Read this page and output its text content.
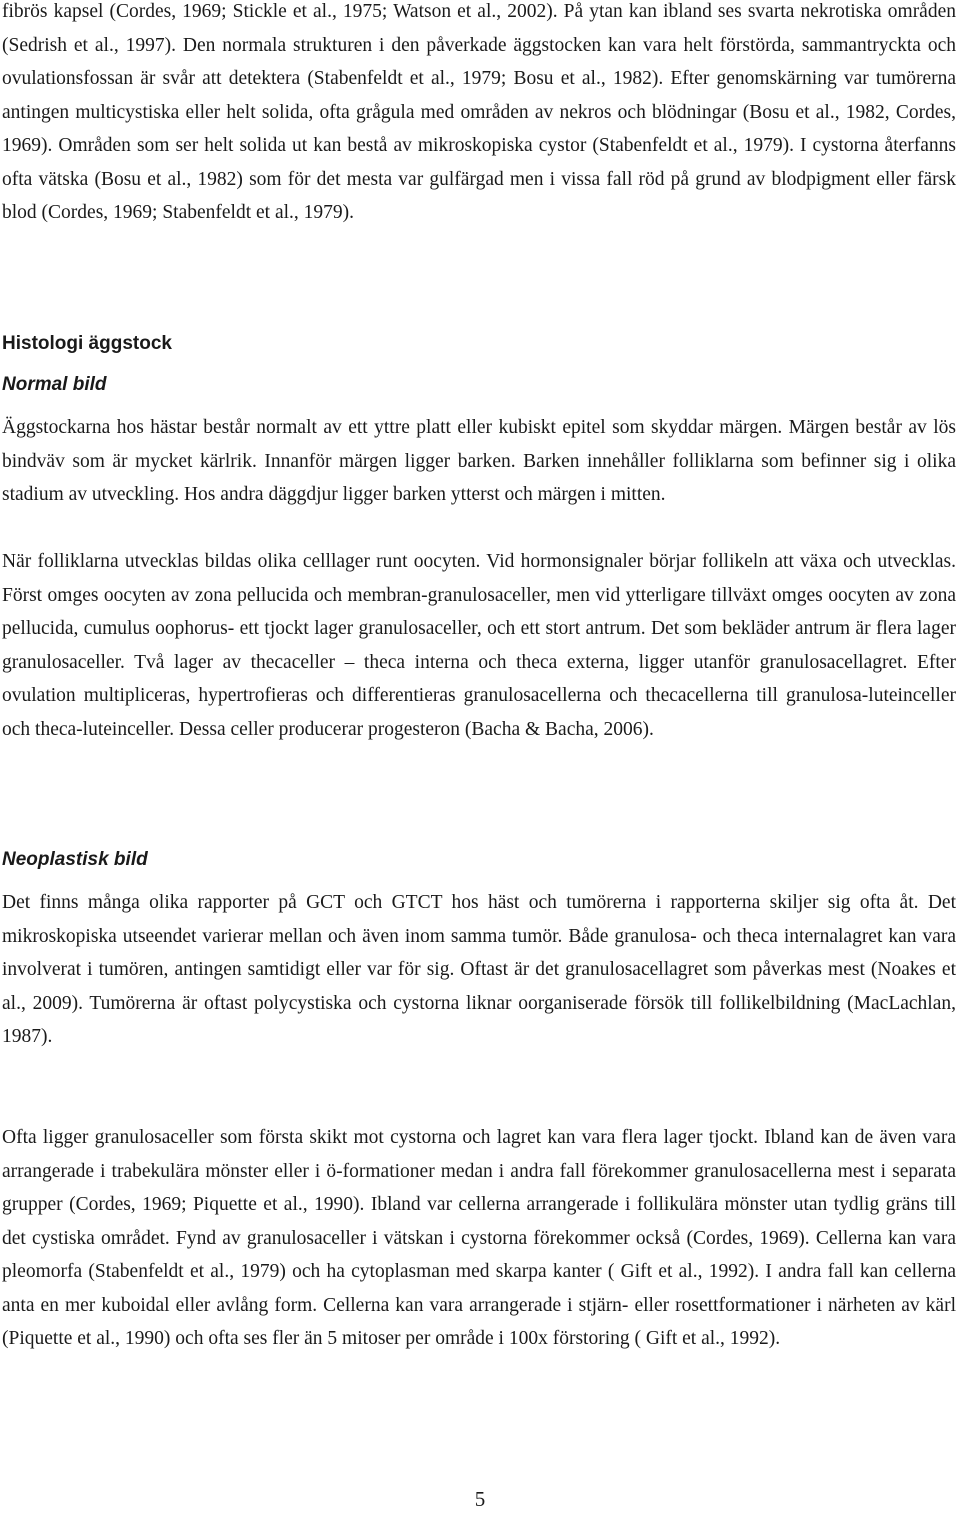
fibrös kapsel (Cordes, 1969; Stickle et al., 1975; Watson et al., 2002). På ytan kan ibland ses svarta nekrotiska områden (Sedrish et al., 1997). Den normala strukturen i den påverkade äggstocken kan vara helt förstörda, sammantryckta och ovulationsfossan är svår att detektera (Stabenfeldt et al., 1979; Bosu et al., 1982). Efter genomskärning var tumörerna antingen multicystiska eller helt solida, ofta grågula med områden av nekros och blödningar (Bosu et al., 1982, Cordes, 1969). Områden som ser helt solida ut kan bestå av mikroskopiska cystor (Stabenfeldt et al., 1979). I cystorna återfanns ofta vätska (Bosu et al., 1982) som för det mesta var gulfärgad men i vissa fall röd på grund av blodpigment eller färsk blod (Cordes, 1969; Stabenfeldt et al., 1979).

Histologi äggstock
Normal bild

Äggstockarna hos hästar består normalt av ett yttre platt eller kubiskt epitel som skyddar märgen. Märgen består av lös bindväv som är mycket kärlrik. Innanför märgen ligger barken. Barken innehåller folliklarna som befinner sig i olika stadium av utveckling. Hos andra däggdjur ligger barken ytterst och märgen i mitten.

När folliklarna utvecklas bildas olika celllager runt oocyten. Vid hormonsignaler börjar follikeln att växa och utvecklas. Först omges oocyten av zona pellucida och membran-granulosaceller, men vid ytterligare tillväxt omges oocyten av zona pellucida, cumulus oophorus- ett tjockt lager granulosaceller, och ett stort antrum. Det som bekläder antrum är flera lager granulosaceller. Två lager av thecaceller – theca interna och theca externa, ligger utanför granulosacellagret. Efter ovulation multipliceras, hypertrofieras och differentieras granulosacellerna och thecacellerna till granulosa-luteinceller och theca-luteinceller. Dessa celler producerar progesteron (Bacha & Bacha, 2006).

Neoplastisk bild

Det finns många olika rapporter på GCT och GTCT hos häst och tumörerna i rapporterna skiljer sig ofta åt. Det mikroskopiska utseendet varierar mellan och även inom samma tumör. Både granulosa- och theca internalagret kan vara involverat i tumören, antingen samtidigt eller var för sig. Oftast är det granulosacellagret som påverkas mest (Noakes et al., 2009). Tumörerna är oftast polycystiska och cystorna liknar oorganiserade försök till follikelbildning (MacLachlan, 1987).

Ofta ligger granulosaceller som första skikt mot cystorna och lagret kan vara flera lager tjockt. Ibland kan de även vara arrangerade i trabekulära mönster eller i ö-formationer medan i andra fall förekommer granulosacellerna mest i separata grupper (Cordes, 1969; Piquette et al., 1990). Ibland var cellerna arrangerade i follikulära mönster utan tydlig gräns till det cystiska området. Fynd av granulosaceller i vätskan i cystorna förekommer också (Cordes, 1969). Cellerna kan vara pleomorfa (Stabenfeldt et al., 1979) och ha cytoplasman med skarpa kanter ( Gift et al., 1992). I andra fall kan cellerna anta en mer kuboidal eller avlång form. Cellerna kan vara arrangerade i stjärn- eller rosettformationer i närheten av kärl (Piquette et al., 1990) och ofta ses fler än 5 mitoser per område i 100x förstoring ( Gift et al., 1992).

5
